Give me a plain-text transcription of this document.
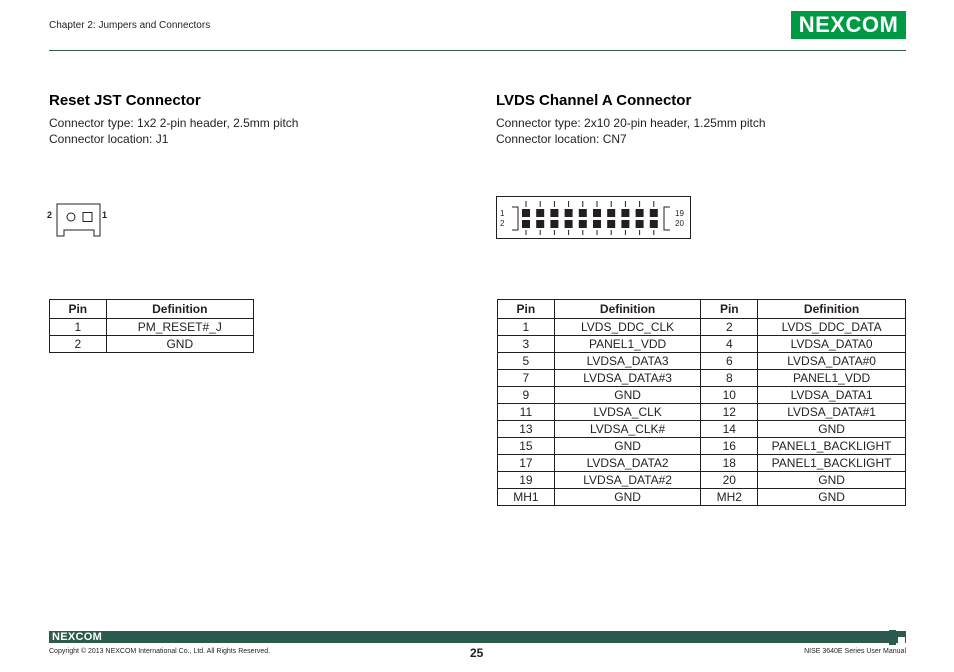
Chapter 2: Jumpers and Connectors	NEXCOM
Reset JST Connector
Connector type: 1x2 2-pin header, 2.5mm pitch
Connector location: J1
2	1
Pin	Definition
1	PM_RESET#_J
2	GND
LVDS Channel A Connector
Connector type: 2x10 20-pin header, 1.25mm pitch
Connector location: CN7
1
2
19
20
Pin	Definition	Pin	Definition
1	LVDS_DDC_CLK	2	LVDS_DDC_DATA
3	PANEL1_VDD	4	LVDSA_DATA0
5	LVDSA_DATA3	6	LVDSA_DATA#0
7	LVDSA_DATA#3	8	PANEL1_VDD
9	GND	10	LVDSA_DATA1
11	LVDSA_CLK	12	LVDSA_DATA#1
13	LVDSA_CLK#	14	GND
15	GND	16	PANEL1_BACKLIGHT
17	LVDSA_DATA2	18	PANEL1_BACKLIGHT
19	LVDSA_DATA#2	20	GND
MH1	GND	MH2	GND
NEXCOM
Copyright © 2013 NEXCOM International Co., Ltd. All Rights Reserved.	25	NISE 3640E Series User Manual
